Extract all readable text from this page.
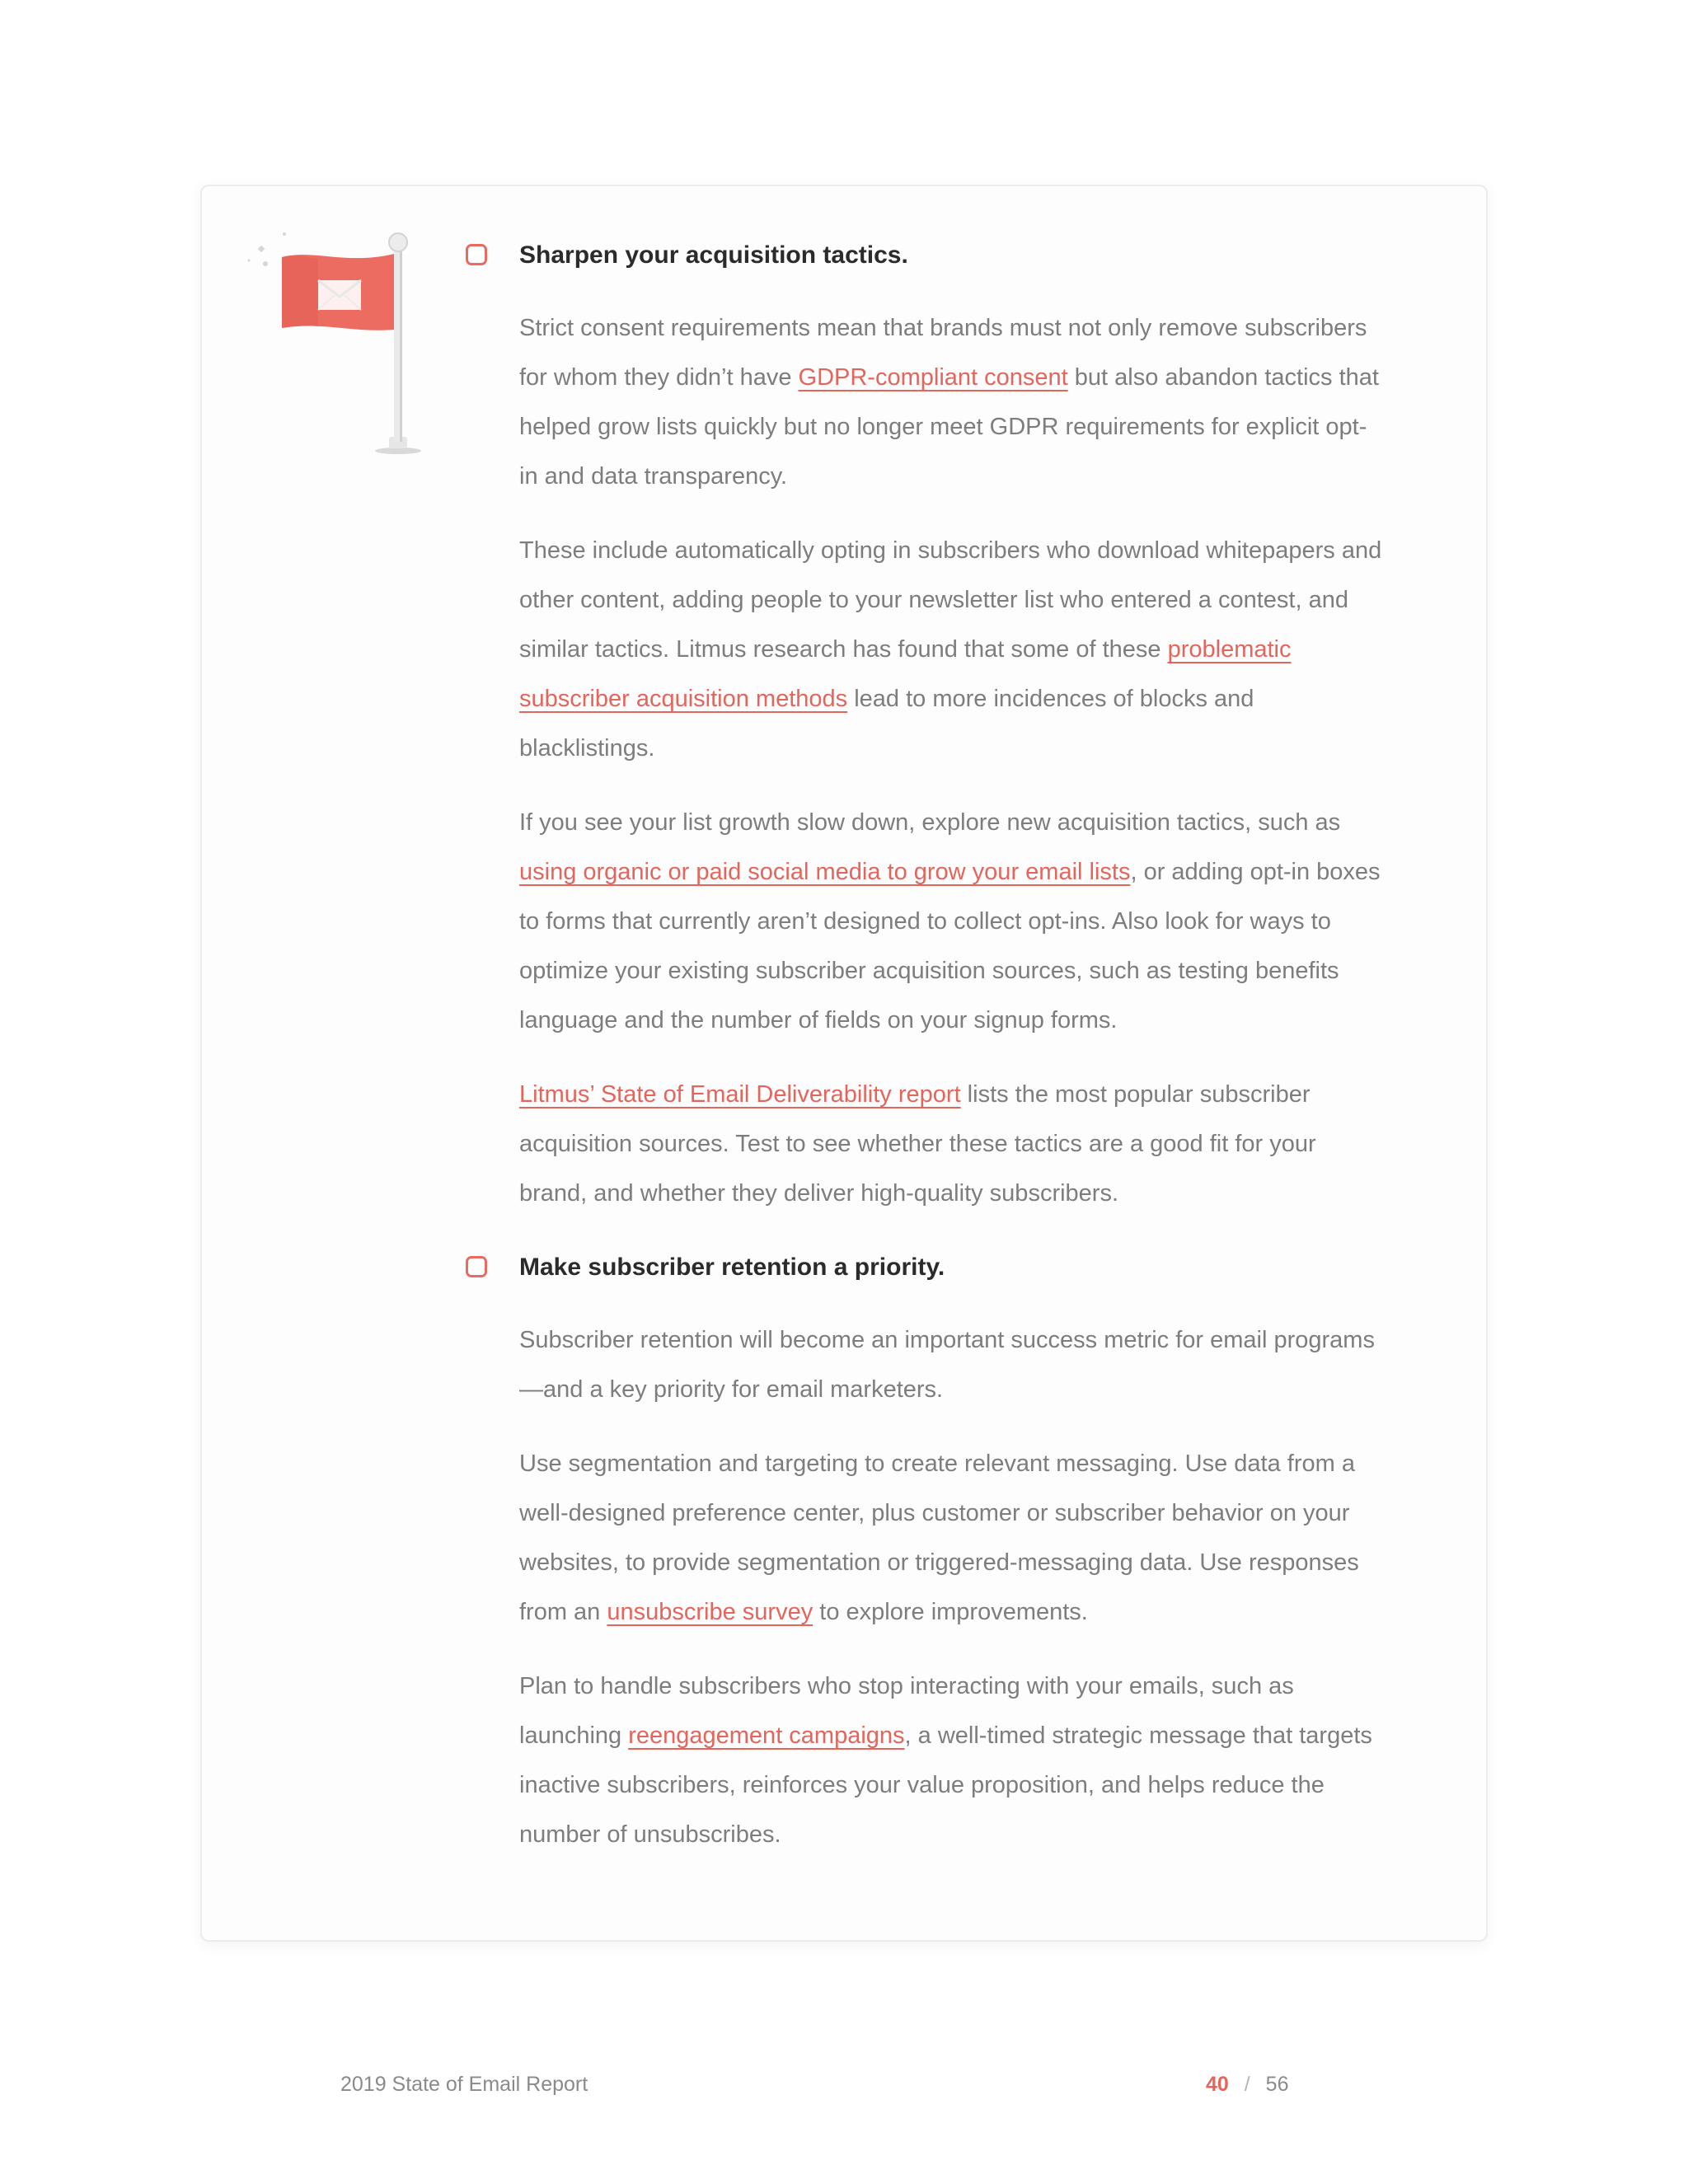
Sharpen your acquisition tactics.

Strict consent requirements mean that brands must not only remove subscribers for whom they didn’t have GDPR-compliant consent but also abandon tactics that helped grow lists quickly but no longer meet GDPR requirements for explicit opt-in and data transparency.

These include automatically opting in subscribers who download whitepapers and other content, adding people to your newsletter list who entered a contest, and similar tactics. Litmus research has found that some of these problematic subscriber acquisition methods lead to more incidences of blocks and blacklistings.

If you see your list growth slow down, explore new acquisition tactics, such as using organic or paid social media to grow your email lists, or adding opt-in boxes to forms that currently aren’t designed to collect opt-ins. Also look for ways to optimize your existing subscriber acquisition sources, such as testing benefits language and the number of fields on your signup forms.

Litmus’ State of Email Deliverability report lists the most popular subscriber acquisition sources. Test to see whether these tactics are a good fit for your brand, and whether they deliver high-quality subscribers.

Make subscriber retention a priority.

Subscriber retention will become an important success metric for email programs—and a key priority for email marketers.

Use segmentation and targeting to create relevant messaging. Use data from a well-designed preference center, plus customer or subscriber behavior on your websites, to provide segmentation or triggered-messaging data. Use responses from an unsubscribe survey to explore improvements.

Plan to handle subscribers who stop interacting with your emails, such as launching reengagement campaigns, a well-timed strategic message that targets inactive subscribers, reinforces your value proposition, and helps reduce the number of unsubscribes.

2019 State of Email Report	40 / 56
